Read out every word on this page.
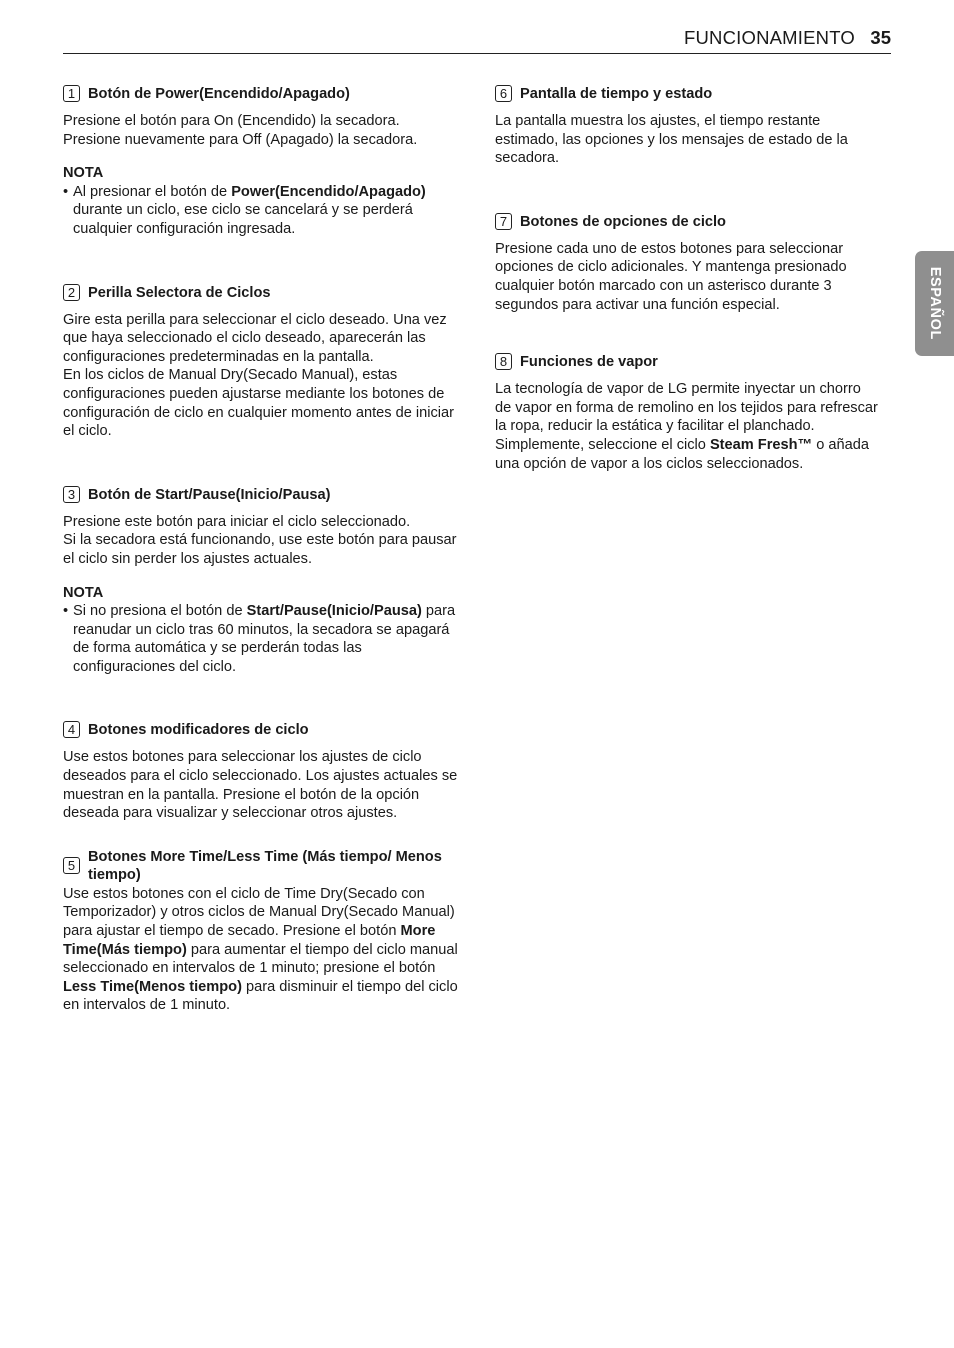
FUNCIONAMIENTO 35
ESPAÑOL
1 Botón de Power(Encendido/Apagado)

Presione el botón para On (Encendido) la secadora.

Presione nuevamente para Off (Apagado) la secadora.

NOTA

• Al presionar el botón de Power(Encendido/Apagado) durante un ciclo, ese ciclo se cancelará y se perderá cualquier configuración ingresada.
2 Perilla Selectora de Ciclos

Gire esta perilla para seleccionar el ciclo deseado. Una vez que haya seleccionado el ciclo deseado, aparecerán las configuraciones predeterminadas en la pantalla.

En los ciclos de Manual Dry(Secado Manual), estas configuraciones pueden ajustarse mediante los botones de configuración de ciclo en cualquier momento antes de iniciar el ciclo.

3 Botón de Start/Pause(Inicio/Pausa)

Presione este botón para iniciar el ciclo seleccionado.

Si la secadora está funcionando, use este botón para pausar el ciclo sin perder los ajustes actuales.

NOTA

• Si no presiona el botón de Start/Pause(Inicio/Pausa) para reanudar un ciclo tras 60 minutos, la secadora se apagará de forma automática y se perderán todas las configuraciones del ciclo.
4 Botones modificadores de ciclo

Use estos botones para seleccionar los ajustes de ciclo deseados para el ciclo seleccionado. Los ajustes actuales se muestran en la pantalla. Presione el botón de la opción deseada para visualizar y seleccionar otros ajustes.

5
Botones More Time/Less Time (Más tiempo/ Menos tiempo)

Use estos botones con el ciclo de Time Dry(Secado con Temporizador) y otros ciclos de Manual Dry(Secado Manual) para ajustar el tiempo de secado. Presione el botón More Time(Más tiempo) para aumentar el tiempo del ciclo manual seleccionado en intervalos de 1 minuto; presione el botón Less Time(Menos tiempo) para disminuir el tiempo del ciclo en intervalos de 1 minuto.

6 Pantalla de tiempo y estado

La pantalla muestra los ajustes, el tiempo restante estimado, las opciones y los mensajes de estado de la secadora.

7 Botones de opciones de ciclo

Presione cada uno de estos botones para seleccionar opciones de ciclo adicionales. Y mantenga presionado cualquier botón marcado con un asterisco durante 3 segundos para activar una función especial.

8 Funciones de vapor

La tecnología de vapor de LG permite inyectar un chorro de vapor en forma de remolino en los tejidos para refrescar la ropa, reducir la estática y facilitar el planchado. Simplemente, seleccione el ciclo Steam Fresh™ o añada una opción de vapor a los ciclos seleccionados.
